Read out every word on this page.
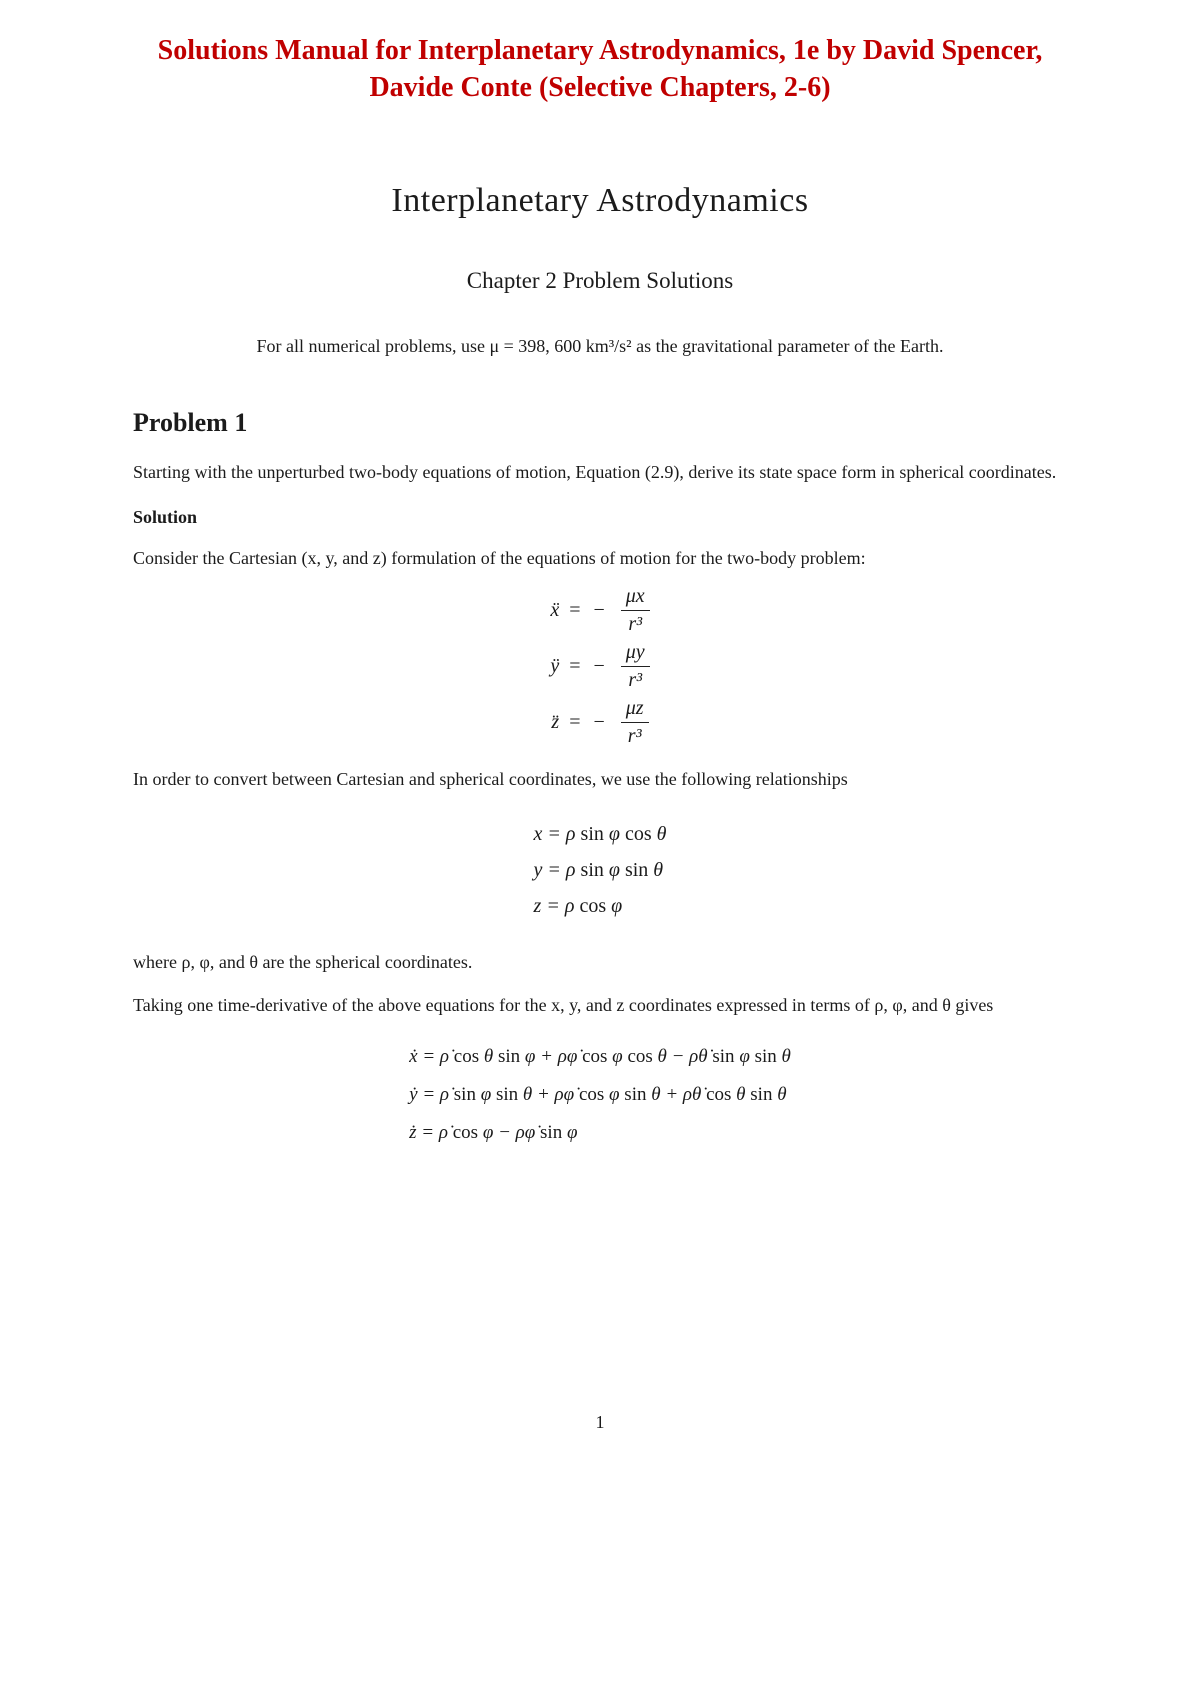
Solutions Manual for Interplanetary Astrodynamics, 1e by David Spencer, Davide Conte (Selective Chapters, 2-6)
Interplanetary Astrodynamics
Chapter 2 Problem Solutions

For all numerical problems, use μ = 398, 600 km³/s² as the gravitational parameter of the Earth.

Problem 1

Starting with the unperturbed two-body equations of motion, Equation (2.9), derive its state space form in spherical coordinates.

Solution

Consider the Cartesian (x, y, and z) formulation of the equations of motion for the two-body problem:

ẍ = − $\frac{\mu x}{\text{r³}}$
ÿ = − $\frac{\mu y}{\text{r³}}$
z̈ = − $\frac{\mu z}{\text{r³}}$

In order to convert between Cartesian and spherical coordinates, we use the following relationships

x = ρ sin φ cos θ
y = ρ sin φ sin θ
z = ρ cos φ

where ρ, φ, and θ are the spherical coordinates.

Taking one time-derivative of the above equations for the x, y, and z coordinates expressed in terms of ρ, φ, and θ gives

ẋ = ρ̇ cos θ sin φ + ρφ̇ cos φ cos θ − ρθ̇ sin φ sin θ
ẏ = ρ̇ sin φ sin θ + ρφ̇ cos φ sin θ + ρθ̇ cos θ sin θ
ż = ρ̇ cos φ − ρφ̇ sin φ
1
